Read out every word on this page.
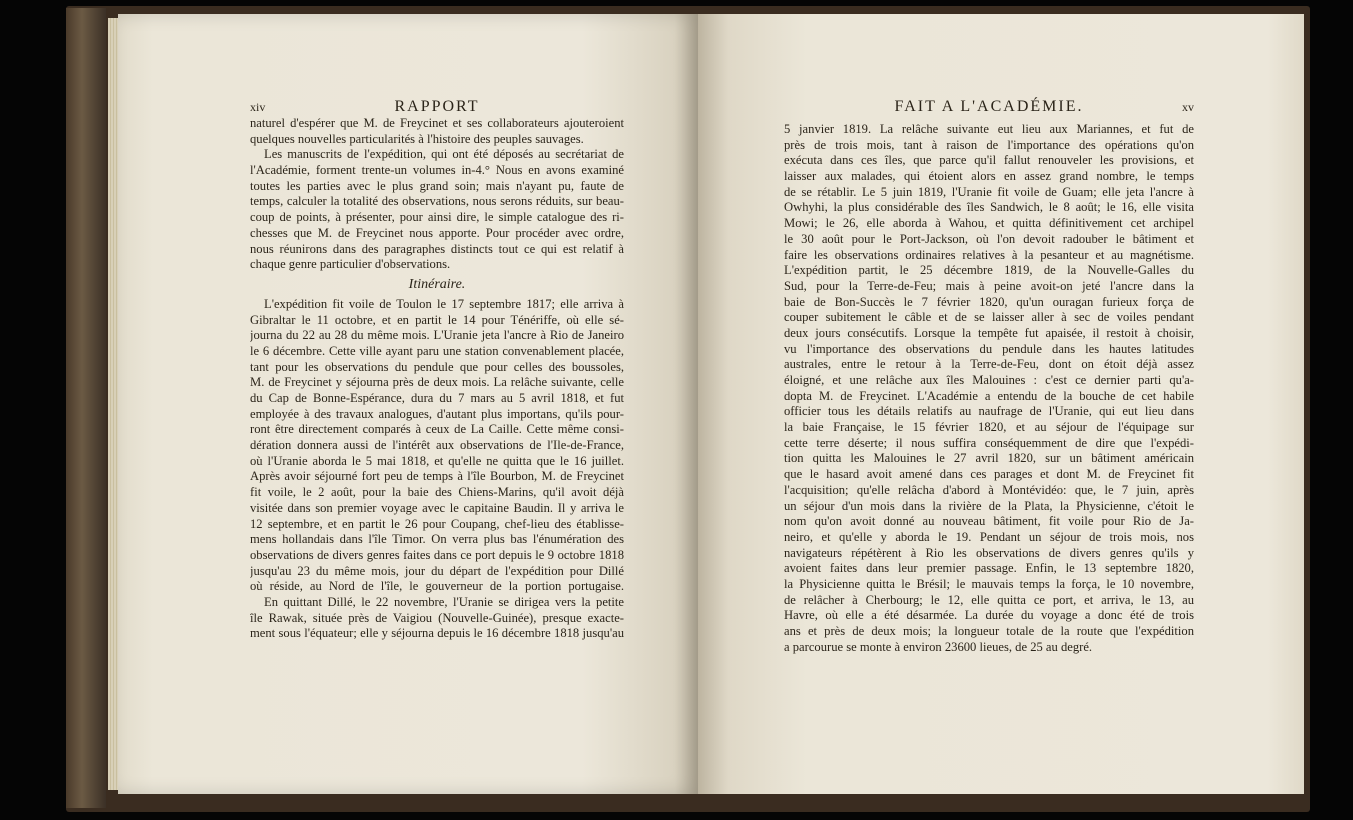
xiv	RAPPORT
naturel d'espérer que M. de Freycinet et ses collaborateurs ajouteroient
quelques nouvelles particularités à l'histoire des peuples sauvages.
Les manuscrits de l'expédition, qui ont été déposés au secrétariat de
l'Académie, forment trente-un volumes in-4.° Nous en avons examiné
toutes les parties avec le plus grand soin; mais n'ayant pu, faute de
temps, calculer la totalité des observations, nous serons réduits, sur beau-
coup de points, à présenter, pour ainsi dire, le simple catalogue des ri-
chesses que M. de Freycinet nous apporte. Pour procéder avec ordre,
nous réunirons dans des paragraphes distincts tout ce qui est relatif à
chaque genre particulier d'observations.
Itinéraire.
L'expédition fit voile de Toulon le 17 septembre 1817; elle arriva à
Gibraltar le 11 octobre, et en partit le 14 pour Ténériffe, où elle sé-
journa du 22 au 28 du même mois. L'Uranie jeta l'ancre à Rio de Janeiro
le 6 décembre. Cette ville ayant paru une station convenablement placée,
tant pour les observations du pendule que pour celles des boussoles,
M. de Freycinet y séjourna près de deux mois. La relâche suivante, celle
du Cap de Bonne-Espérance, dura du 7 mars au 5 avril 1818, et fut
employée à des travaux analogues, d'autant plus importans, qu'ils pour-
ront être directement comparés à ceux de La Caille. Cette même consi-
dération donnera aussi de l'intérêt aux observations de l'Ile-de-France,
où l'Uranie aborda le 5 mai 1818, et qu'elle ne quitta que le 16 juillet.
Après avoir séjourné fort peu de temps à l'île Bourbon, M. de Freycinet
fit voile, le 2 août, pour la baie des Chiens-Marins, qu'il avoit déjà
visitée dans son premier voyage avec le capitaine Baudin. Il y arriva le
12 septembre, et en partit le 26 pour Coupang, chef-lieu des établisse-
mens hollandais dans l'île Timor. On verra plus bas l'énumération des
observations de divers genres faites dans ce port depuis le 9 octobre 1818
jusqu'au 23 du même mois, jour du départ de l'expédition pour Dillé
où réside, au Nord de l'île, le gouverneur de la portion portugaise.
En quittant Dillé, le 22 novembre, l'Uranie se dirigea vers la petite
île Rawak, située près de Vaigiou (Nouvelle-Guinée), presque exacte-
ment sous l'équateur; elle y séjourna depuis le 16 décembre 1818 jusqu'au
FAIT A L'ACADÉMIE.	xv
5 janvier 1819. La relâche suivante eut lieu aux Mariannes, et fut de
près de trois mois, tant à raison de l'importance des opérations qu'on
exécuta dans ces îles, que parce qu'il fallut renouveler les provisions, et
laisser aux malades, qui étoient alors en assez grand nombre, le temps
de se rétablir. Le 5 juin 1819, l'Uranie fit voile de Guam; elle jeta l'ancre à
Owhyhi, la plus considérable des îles Sandwich, le 8 août; le 16, elle visita
Mowi; le 26, elle aborda à Wahou, et quitta définitivement cet archipel
le 30 août pour le Port-Jackson, où l'on devoit radouber le bâtiment et
faire les observations ordinaires relatives à la pesanteur et au magnétisme.
L'expédition partit, le 25 décembre 1819, de la Nouvelle-Galles du
Sud, pour la Terre-de-Feu; mais à peine avoit-on jeté l'ancre dans la
baie de Bon-Succès le 7 février 1820, qu'un ouragan furieux força de
couper subitement le câble et de se laisser aller à sec de voiles pendant
deux jours consécutifs. Lorsque la tempête fut apaisée, il restoit à choisir,
vu l'importance des observations du pendule dans les hautes latitudes
australes, entre le retour à la Terre-de-Feu, dont on étoit déjà assez
éloigné, et une relâche aux îles Malouines : c'est ce dernier parti qu'a-
dopta M. de Freycinet. L'Académie a entendu de la bouche de cet habile
officier tous les détails relatifs au naufrage de l'Uranie, qui eut lieu dans
la baie Française, le 15 février 1820, et au séjour de l'équipage sur
cette terre déserte; il nous suffira conséquemment de dire que l'expédi-
tion quitta les Malouines le 27 avril 1820, sur un bâtiment américain
que le hasard avoit amené dans ces parages et dont M. de Freycinet fit
l'acquisition; qu'elle relâcha d'abord à Montévidéo: que, le 7 juin, après
un séjour d'un mois dans la rivière de la Plata, la Physicienne, c'étoit le
nom qu'on avoit donné au nouveau bâtiment, fit voile pour Rio de Ja-
neiro, et qu'elle y aborda le 19. Pendant un séjour de trois mois, nos
navigateurs répétèrent à Rio les observations de divers genres qu'ils y
avoient faites dans leur premier passage. Enfin, le 13 septembre 1820,
la Physicienne quitta le Brésil; le mauvais temps la força, le 10 novembre,
de relâcher à Cherbourg; le 12, elle quitta ce port, et arriva, le 13, au
Havre, où elle a été désarmée. La durée du voyage a donc été de trois
ans et près de deux mois; la longueur totale de la route que l'expédition
a parcourue se monte à environ 23600 lieues, de 25 au degré.
